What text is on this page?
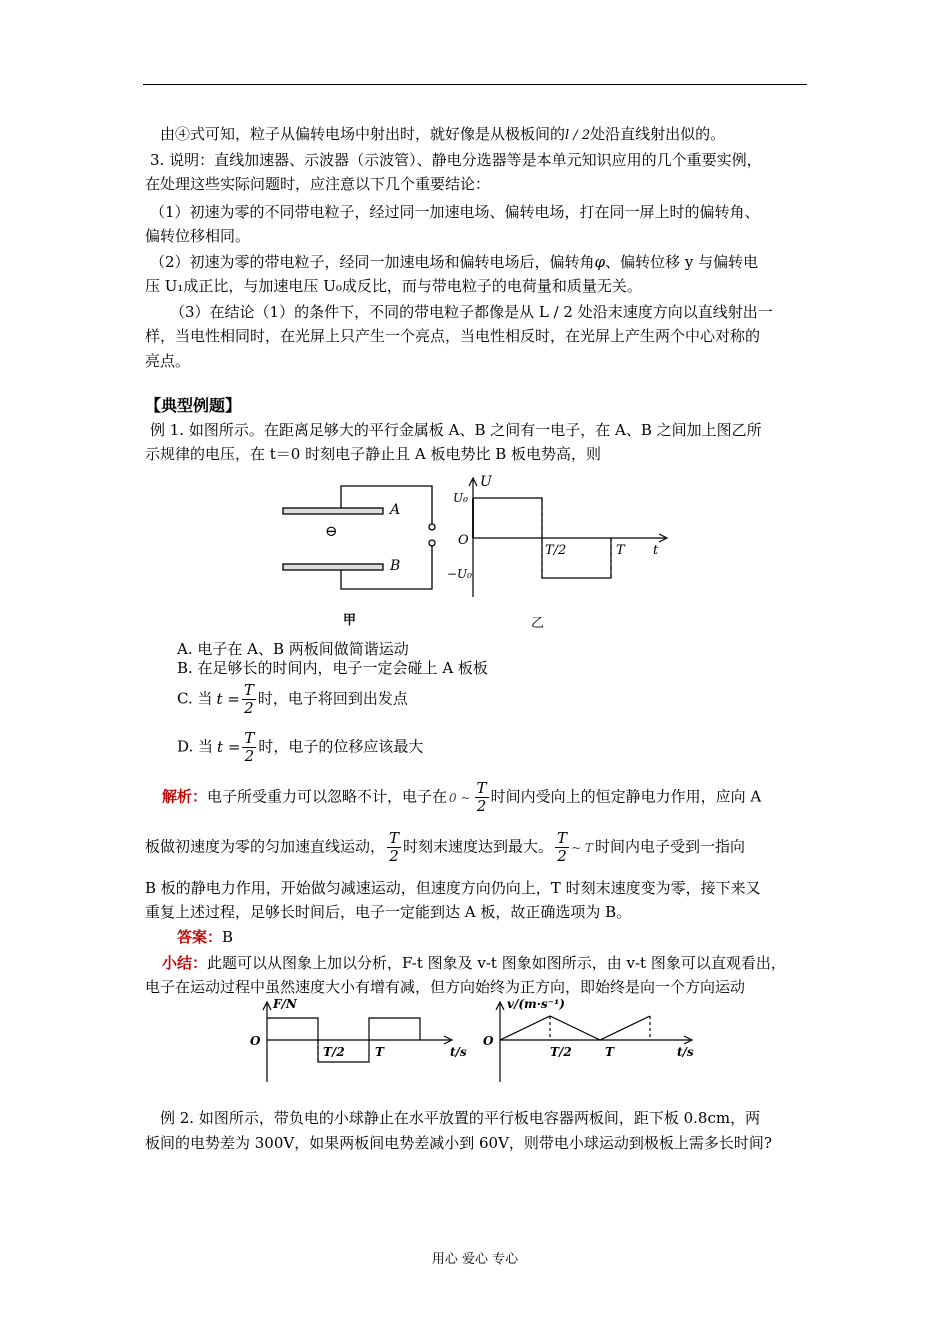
由④式可知，粒子从偏转电场中射出时，就好像是从极板间的l / 2处沿直线射出似的。
3. 说明：直线加速器、示波器（示波管）、静电分选器等是本单元知识应用的几个重要实例，
在处理这些实际问题时，应注意以下几个重要结论：
（1）初速为零的不同带电粒子，经过同一加速电场、偏转电场，打在同一屏上时的偏转角、
偏转位移相同。
（2）初速为零的带电粒子，经同一加速电场和偏转电场后，偏转角φ、偏转位移 y 与偏转电
压 U₁成正比，与加速电压 U₀成反比，而与带电粒子的电荷量和质量无关。
（3）在结论（1）的条件下，不同的带电粒子都像是从 L / 2 处沿末速度方向以直线射出一
样，当电性相同时，在光屏上只产生一个亮点，当电性相反时，在光屏上产生两个中心对称的
亮点。
【典型例题】
例 1. 如图所示。在距离足够大的平行金属板 A、B 之间有一电子，在 A、B 之间加上图乙所
示规律的电压，在 t＝0 时刻电子静止且 A 板电势比 B 板电势高，则
A
B
⊖
U
U₀
O
T/2	T t
−U₀
甲	乙
A. 电子在 A、B 两板间做简谐运动
B. 在足够长的时间内，电子一定会碰上 A 板板
C. 当 $t = \frac{T}{2}$ 时，电子将回到出发点
D. 当 $t = \frac{T}{2}$ 时，电子的位移应该最大
解析：电子所受重力可以忽略不计，电子在 0 ~ $\frac{T}{2}$ 时间内受向上的恒定静电力作用，应向 A
板做初速度为零的匀加速直线运动， $\frac{T}{2}$ 时刻末速度达到最大。 $\frac{T}{2}$ ~ T 时间内电子受到一指向
B 板的静电力作用，开始做匀减速运动，但速度方向仍向上，T 时刻末速度变为零，接下来又
重复上述过程，足够长时间后，电子一定能到达 A 板，故正确选项为 B。
答案：B
小结：此题可以从图象上加以分析，F-t 图象及 v-t 图象如图所示，由 v-t 图象可以直观看出，
电子在运动过程中虽然速度大小有增有减，但方向始终为正方向，即始终是向一个方向运动
F/N
O
T/2	T	t/s
v/(m·s⁻¹)
O
T/2	T	t/s
例 2. 如图所示，带负电的小球静止在水平放置的平行板电容器两板间，距下板 0.8cm，两
板间的电势差为 300V，如果两板间电势差减小到 60V，则带电小球运动到极板上需多长时间?
用心 爱心 专心
